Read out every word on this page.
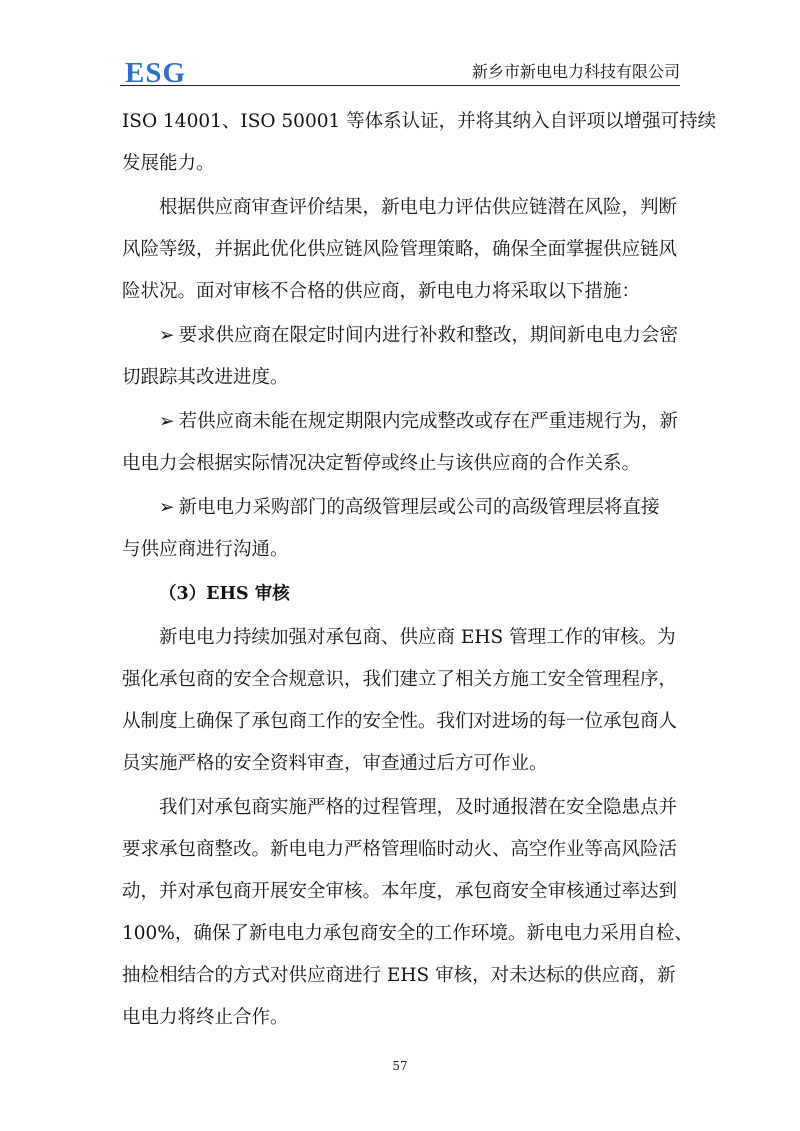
ESG	新乡市新电电力科技有限公司
ISO 14001、ISO 50001 等体系认证，并将其纳入自评项以增强可持续
发展能力。
根据供应商审查评价结果，新电电力评估供应链潜在风险，判断
风险等级，并据此优化供应链风险管理策略，确保全面掌握供应链风
险状况。面对审核不合格的供应商，新电电力将采取以下措施：
➢ 要求供应商在限定时间内进行补救和整改，期间新电电力会密
切跟踪其改进进度。
➢ 若供应商未能在规定期限内完成整改或存在严重违规行为，新
电电力会根据实际情况决定暂停或终止与该供应商的合作关系。
➢ 新电电力采购部门的高级管理层或公司的高级管理层将直接
与供应商进行沟通。
（3）EHS 审核
新电电力持续加强对承包商、供应商 EHS 管理工作的审核。为
强化承包商的安全合规意识，我们建立了相关方施工安全管理程序，
从制度上确保了承包商工作的安全性。我们对进场的每一位承包商人
员实施严格的安全资料审查，审查通过后方可作业。
我们对承包商实施严格的过程管理，及时通报潜在安全隐患点并
要求承包商整改。新电电力严格管理临时动火、高空作业等高风险活
动，并对承包商开展安全审核。本年度，承包商安全审核通过率达到
100%，确保了新电电力承包商安全的工作环境。新电电力采用自检、
抽检相结合的方式对供应商进行 EHS 审核，对未达标的供应商，新
电电力将终止合作。
57
